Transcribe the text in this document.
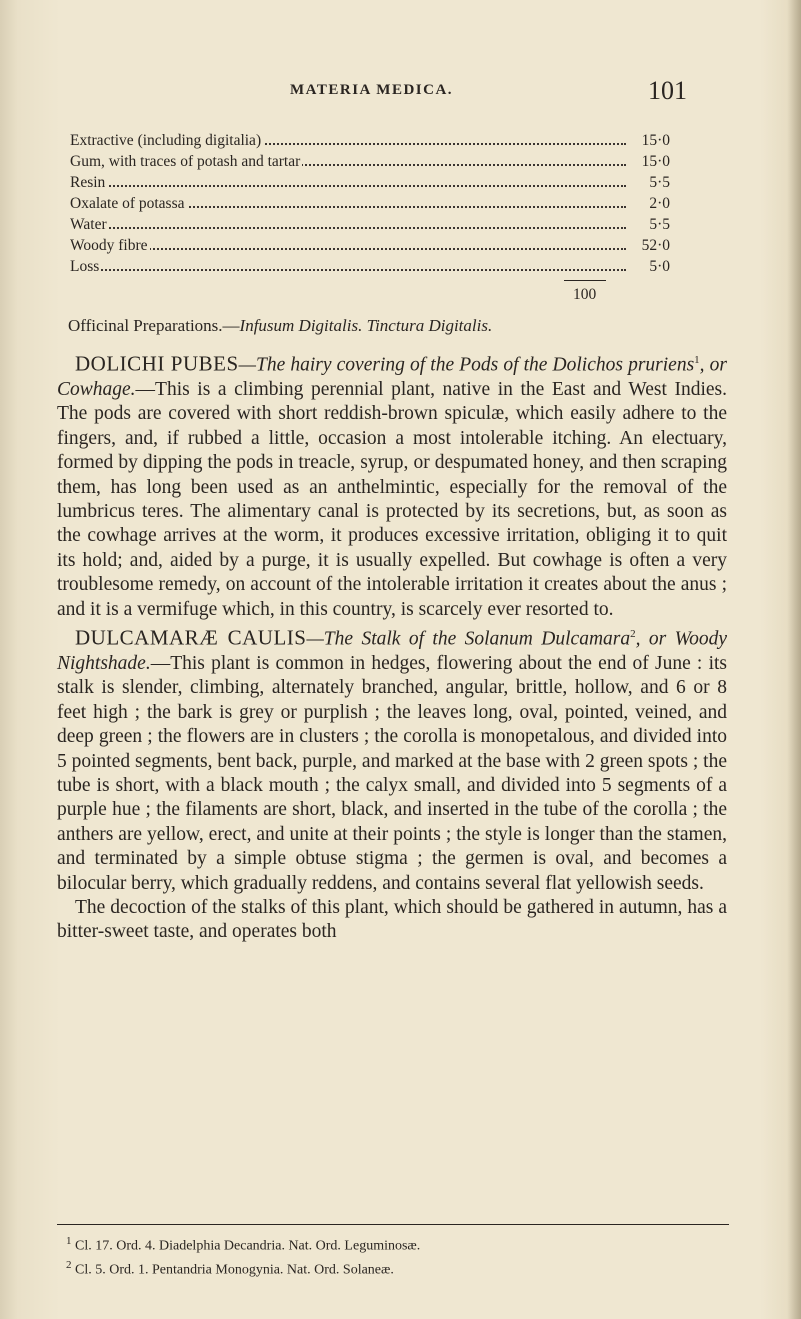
MATERIA MEDICA.	101
Extractive (including digitalia)	15·0
Gum, with traces of potash and tartar	15·0
Resin	5·5
Oxalate of potassa	2·0
Water	5·5
Woody fibre	52·0
Loss	5·0
100
Officinal Preparations.—Infusum Digitalis. Tinctura Digitalis.

DOLICHI PUBES—The hairy covering of the Pods of the Dolichos pruriens$^1$, or Cowhage.—This is a climbing perennial plant, native in the East and West Indies. The pods are covered with short reddish-brown spiculæ, which easily adhere to the fingers, and, if rubbed a little, occasion a most intolerable itching. An electuary, formed by dipping the pods in treacle, syrup, or despumated honey, and then scraping them, has long been used as an anthelmintic, especially for the removal of the lumbricus teres. The alimentary canal is protected by its secretions, but, as soon as the cowhage arrives at the worm, it produces excessive irritation, obliging it to quit its hold; and, aided by a purge, it is usually expelled. But cowhage is often a very troublesome remedy, on account of the intolerable irritation it creates about the anus ; and it is a vermifuge which, in this country, is scarcely ever resorted to.

DULCAMARÆ CAULIS—The Stalk of the Solanum Dulcamara$^2$, or Woody Nightshade.—This plant is common in hedges, flowering about the end of June : its stalk is slender, climbing, alternately branched, angular, brittle, hollow, and 6 or 8 feet high ; the bark is grey or purplish ; the leaves long, oval, pointed, veined, and deep green ; the flowers are in clusters ; the corolla is monopetalous, and divided into 5 pointed segments, bent back, purple, and marked at the base with 2 green spots ; the tube is short, with a black mouth ; the calyx small, and divided into 5 segments of a purple hue ; the filaments are short, black, and inserted in the tube of the corolla ; the anthers are yellow, erect, and unite at their points ; the style is longer than the stamen, and terminated by a simple obtuse stigma ; the germen is oval, and becomes a bilocular berry, which gradually reddens, and contains several flat yellowish seeds.

The decoction of the stalks of this plant, which should be gathered in autumn, has a bitter-sweet taste, and operates both

$^1$ Cl. 17. Ord. 4. Diadelphia Decandria. Nat. Ord. Leguminosæ.
$^2$ Cl. 5. Ord. 1. Pentandria Monogynia. Nat. Ord. Solaneæ.
